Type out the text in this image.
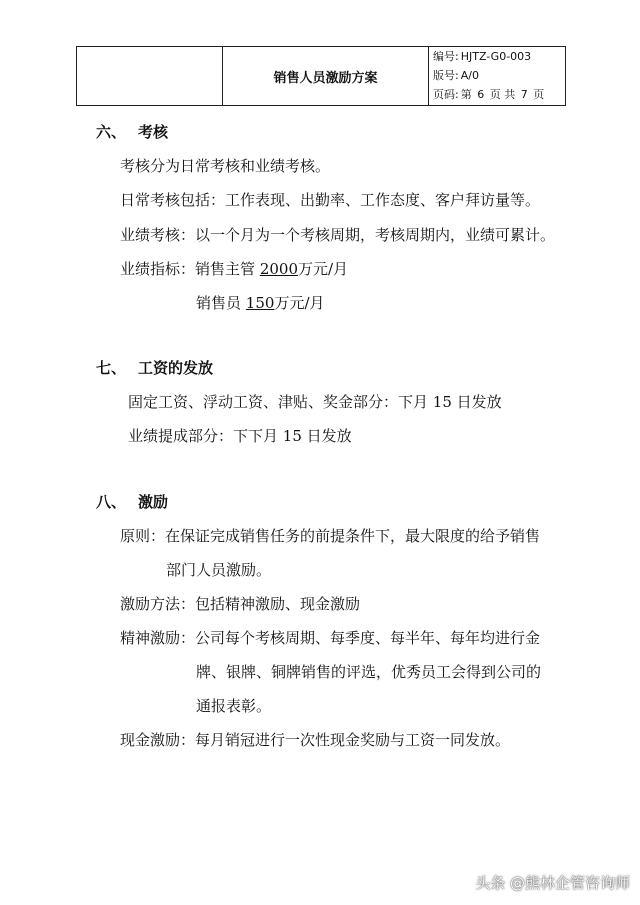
销售人员激励方案
编号: HJTZ-G0-003
版号: A/0
页码: 第 6 页 共 7 页
六、 考核
考核分为日常考核和业绩考核。
日常考核包括：工作表现、出勤率、工作态度、客户拜访量等。
业绩考核：以一个月为一个考核周期，考核周期内，业绩可累计。
业绩指标：销售主管 2000万元/月
销售员 150万元/月
七、 工资的发放
固定工资、浮动工资、津贴、奖金部分：下月 15 日发放
业绩提成部分：下下月 15 日发放
八、 激励
原则：在保证完成销售任务的前提条件下，最大限度的给予销售
部门人员激励。
激励方法：包括精神激励、现金激励
精神激励：公司每个考核周期、每季度、每半年、每年均进行金
牌、银牌、铜牌销售的评选，优秀员工会得到公司的
通报表彰。
现金激励：每月销冠进行一次性现金奖励与工资一同发放。
头条 @熊林企管咨询师
